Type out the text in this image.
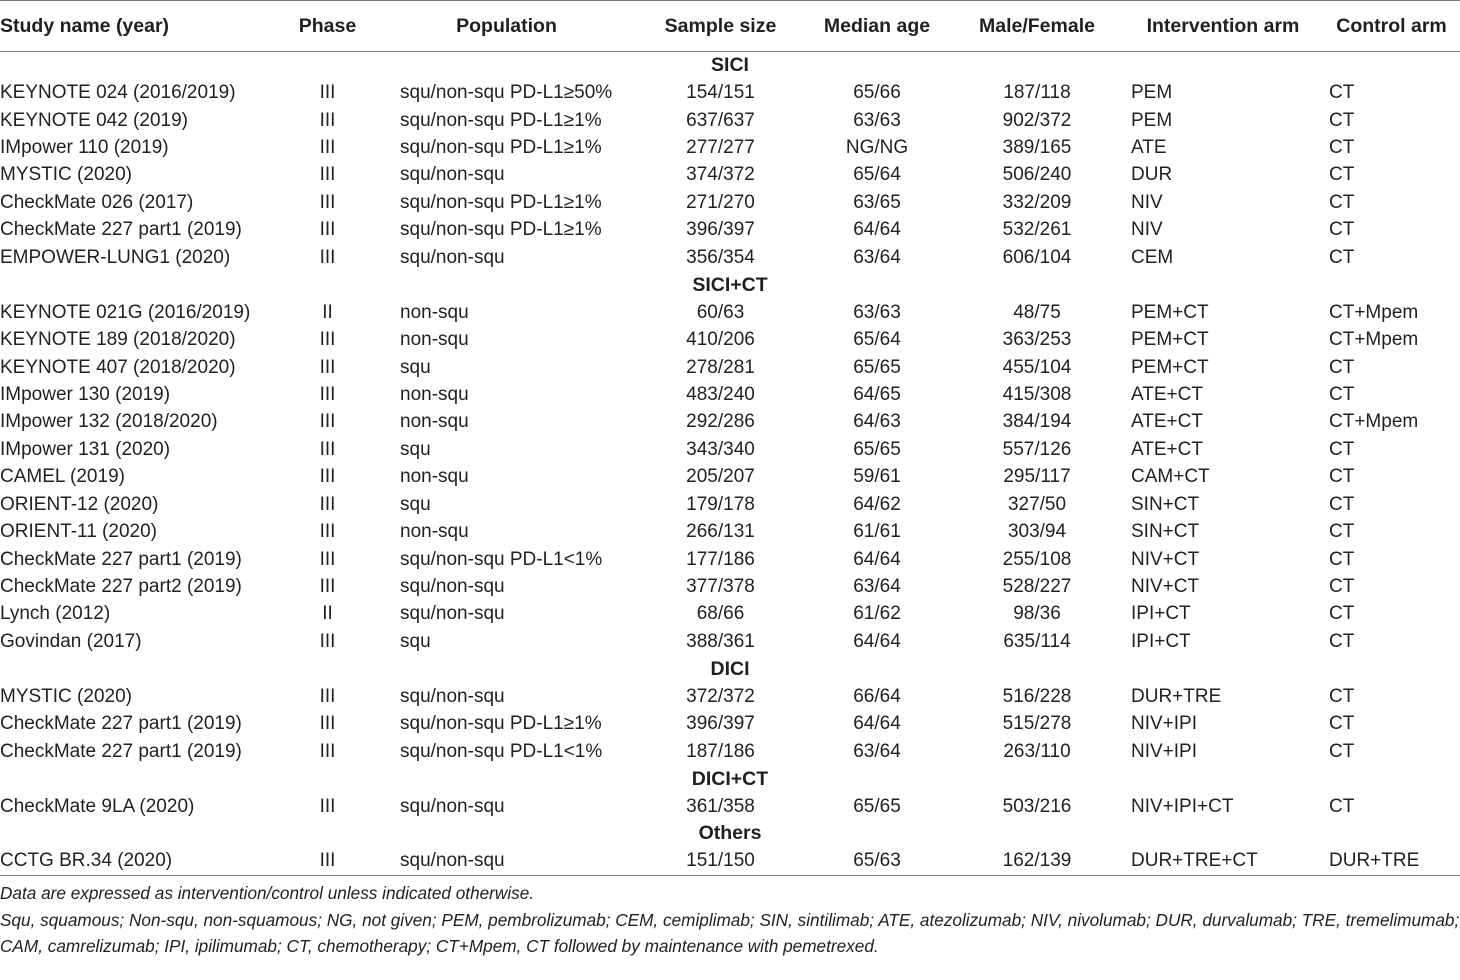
Study name (year)	Phase	Population	Sample size	Median age	Male/Female	Intervention arm	Control arm
SICI							
KEYNOTE 024 (2016/2019)	III	squ/non-squ PD-L1≥50%	154/151	65/66	187/118	PEM	CT
KEYNOTE 042 (2019)	III	squ/non-squ PD-L1≥1%	637/637	63/63	902/372	PEM	CT
IMpower 110 (2019)	III	squ/non-squ PD-L1≥1%	277/277	NG/NG	389/165	ATE	CT
MYSTIC (2020)	III	squ/non-squ	374/372	65/64	506/240	DUR	CT
CheckMate 026 (2017)	III	squ/non-squ PD-L1≥1%	271/270	63/65	332/209	NIV	CT
CheckMate 227 part1 (2019)	III	squ/non-squ PD-L1≥1%	396/397	64/64	532/261	NIV	CT
EMPOWER-LUNG1 (2020)	III	squ/non-squ	356/354	63/64	606/104	CEM	CT
SICI+CT							
KEYNOTE 021G (2016/2019)	II	non-squ	60/63	63/63	48/75	PEM+CT	CT+Mpem
KEYNOTE 189 (2018/2020)	III	non-squ	410/206	65/64	363/253	PEM+CT	CT+Mpem
KEYNOTE 407 (2018/2020)	III	squ	278/281	65/65	455/104	PEM+CT	CT
IMpower 130 (2019)	III	non-squ	483/240	64/65	415/308	ATE+CT	CT
IMpower 132 (2018/2020)	III	non-squ	292/286	64/63	384/194	ATE+CT	CT+Mpem
IMpower 131 (2020)	III	squ	343/340	65/65	557/126	ATE+CT	CT
CAMEL (2019)	III	non-squ	205/207	59/61	295/117	CAM+CT	CT
ORIENT-12 (2020)	III	squ	179/178	64/62	327/50	SIN+CT	CT
ORIENT-11 (2020)	III	non-squ	266/131	61/61	303/94	SIN+CT	CT
CheckMate 227 part1 (2019)	III	squ/non-squ PD-L1<1%	177/186	64/64	255/108	NIV+CT	CT
CheckMate 227 part2 (2019)	III	squ/non-squ	377/378	63/64	528/227	NIV+CT	CT
Lynch (2012)	II	squ/non-squ	68/66	61/62	98/36	IPI+CT	CT
Govindan (2017)	III	squ	388/361	64/64	635/114	IPI+CT	CT
DICI							
MYSTIC (2020)	III	squ/non-squ	372/372	66/64	516/228	DUR+TRE	CT
CheckMate 227 part1 (2019)	III	squ/non-squ PD-L1≥1%	396/397	64/64	515/278	NIV+IPI	CT
CheckMate 227 part1 (2019)	III	squ/non-squ PD-L1<1%	187/186	63/64	263/110	NIV+IPI	CT
DICI+CT							
CheckMate 9LA (2020)	III	squ/non-squ	361/358	65/65	503/216	NIV+IPI+CT	CT
Others							
CCTG BR.34 (2020)	III	squ/non-squ	151/150	65/63	162/139	DUR+TRE+CT	DUR+TRE

Data are expressed as intervention/control unless indicated otherwise.

Squ, squamous; Non-squ, non-squamous; NG, not given; PEM, pembrolizumab; CEM, cemiplimab; SIN, sintilimab; ATE, atezolizumab; NIV, nivolumab; DUR, durvalumab; TRE, tremelimumab; CAM, camrelizumab; IPI, ipilimumab; CT, chemotherapy; CT+Mpem, CT followed by maintenance with pemetrexed.
